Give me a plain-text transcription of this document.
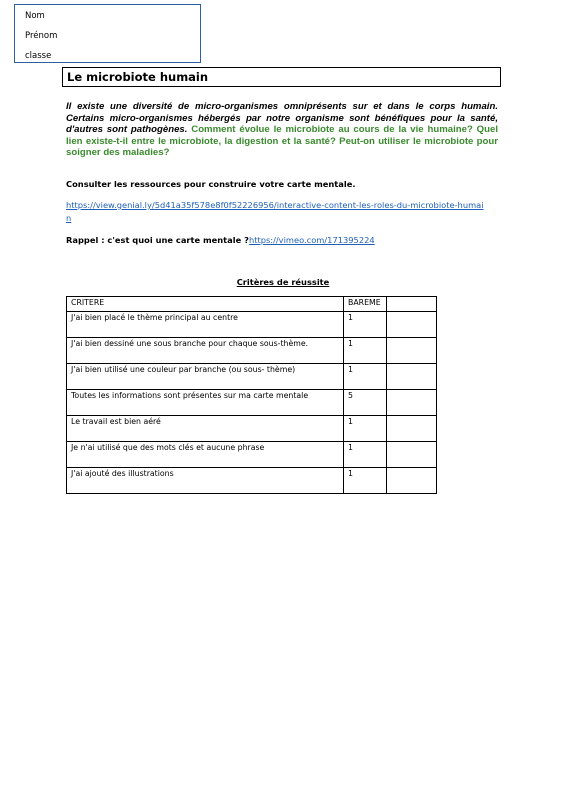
Nom
Prénom
classe
Le microbiote humain
Il existe une diversité de micro-organismes omniprésents sur et dans le corps humain. Certains micro-organismes hébergés par notre organisme sont bénéfiques pour la santé, d'autres sont pathogènes. Comment évolue le microbiote au cours de la vie humaine? Quel lien existe-t-il entre le microbiote, la digestion et la santé? Peut-on utiliser le microbiote pour soigner des maladies?
Consulter les ressources pour construire votre carte mentale.
https://view.genial.ly/5d41a35f578e8f0f52226956/interactive-content-les-roles-du-microbiote-humain
Rappel : c'est quoi une carte mentale ?https://vimeo.com/171395224
Critères de réussite
CRITERE	BAREME	
J'ai bien placé le thème principal au centre	1	
J'ai bien dessiné une sous branche pour chaque sous-thème.	1	
J'ai bien utilisé une couleur par branche (ou sous- thème)	1	
Toutes les informations sont présentes sur ma carte mentale	5	
Le travail est bien aéré	1	
Je n'ai utilisé que des mots clés et aucune phrase	1	
J'ai ajouté des illustrations	1	
